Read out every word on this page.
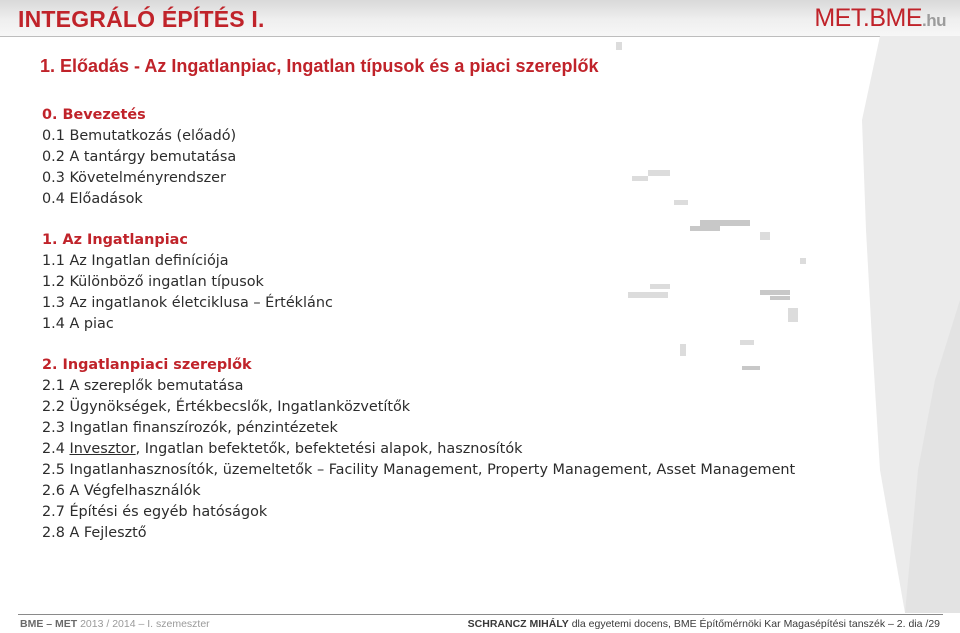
INTEGRÁLÓ ÉPÍTÉS I.	MET.BME.hu
1. Előadás - Az Ingatlanpiac, Ingatlan típusok és a piaci szereplők
0. Bevezetés
0.1 Bemutatkozás (előadó)
0.2 A tantárgy bemutatása
0.3 Követelményrendszer
0.4 Előadások
1. Az Ingatlanpiac
1.1 Az Ingatlan definíciója
1.2 Különböző ingatlan típusok
1.3 Az ingatlanok életciklusa – Értéklánc
1.4 A piac
2. Ingatlanpiaci szereplők
2.1 A szereplők bemutatása
2.2 Ügynökségek, Értékbecslők, Ingatlanközvetítők
2.3 Ingatlan finanszírozók, pénzintézetek
2.4 Invesztor, Ingatlan befektetők, befektetési alapok, hasznosítók
2.5 Ingatlanhasznosítók, üzemeltetők – Facility Management, Property Management, Asset Management
2.6 A Végfelhasználók
2.7 Építési és egyéb hatóságok
2.8 A Fejlesztő
BME – MET 2013 / 2014 – I. szemeszter	SCHRANCZ MIHÁLY dla egyetemi docens, BME Építőmérnöki Kar Magasépítési tanszék – 2. dia /29
